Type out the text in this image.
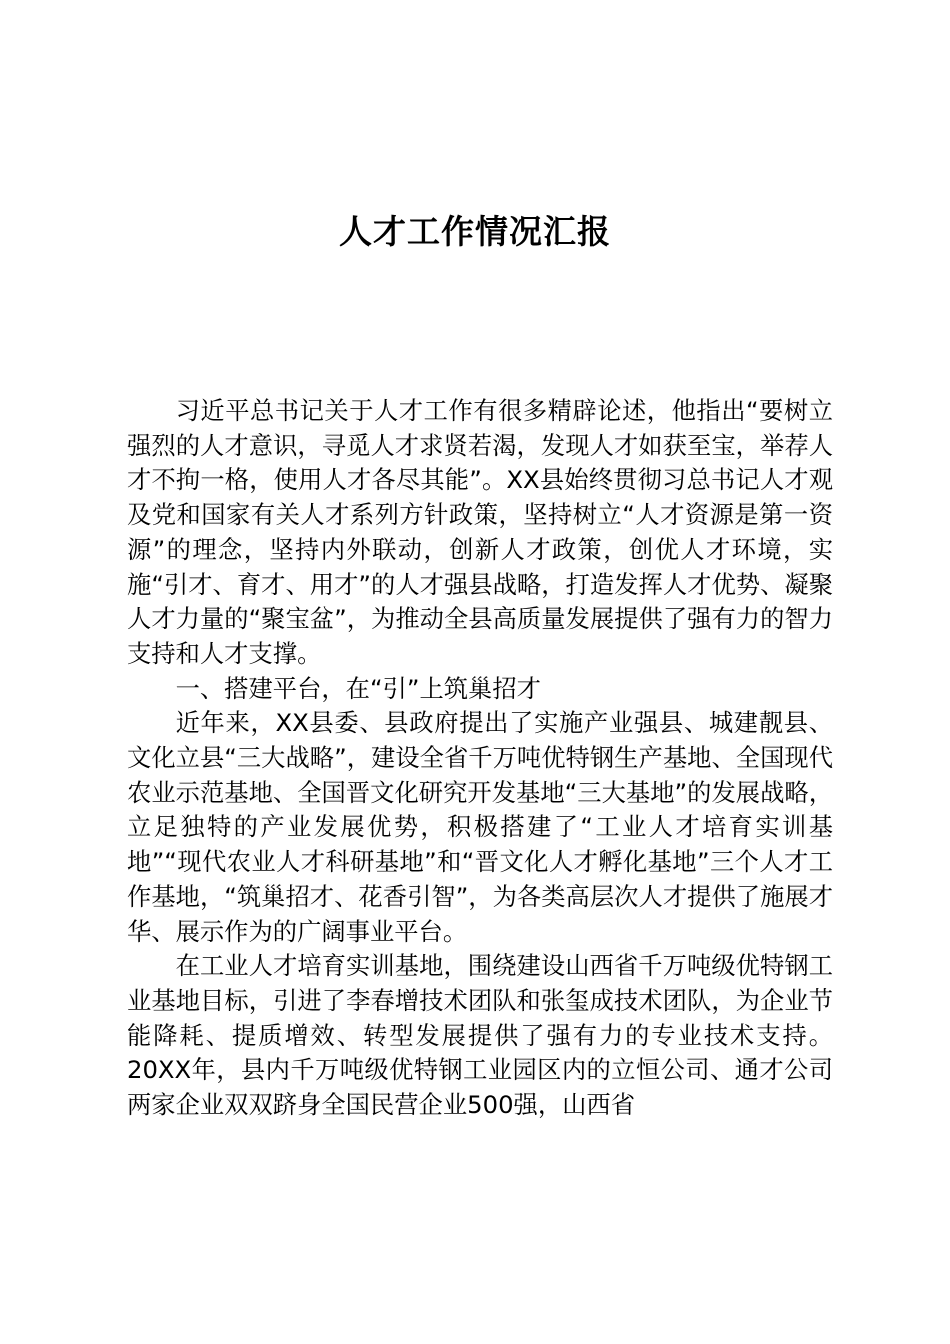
人才工作情况汇报

习近平总书记关于人才工作有很多精辟论述，他指出“要树立强烈的人才意识，寻觅人才求贤若渴，发现人才如获至宝，举荐人才不拘一格，使用人才各尽其能”。XX县始终贯彻习总书记人才观及党和国家有关人才系列方针政策，坚持树立“人才资源是第一资源”的理念，坚持内外联动，创新人才政策，创优人才环境，实施“引才、育才、用才”的人才强县战略，打造发挥人才优势、凝聚人才力量的“聚宝盆”，为推动全县高质量发展提供了强有力的智力支持和人才支撑。

一、搭建平台，在“引”上筑巢招才

近年来，XX县委、县政府提出了实施产业强县、城建靓县、文化立县“三大战略”，建设全省千万吨优特钢生产基地、全国现代农业示范基地、全国晋文化研究开发基地“三大基地”的发展战略，立足独特的产业发展优势，积极搭建了“工业人才培育实训基地”“现代农业人才科研基地”和“晋文化人才孵化基地”三个人才工作基地，“筑巢招才、花香引智”，为各类高层次人才提供了施展才华、展示作为的广阔事业平台。

在工业人才培育实训基地，围绕建设山西省千万吨级优特钢工业基地目标，引进了李春增技术团队和张玺成技术团队，为企业节能降耗、提质增效、转型发展提供了强有力的专业技术支持。20XX年，县内千万吨级优特钢工业园区内的立恒公司、通才公司两家企业双双跻身全国民营企业500强，山西省
